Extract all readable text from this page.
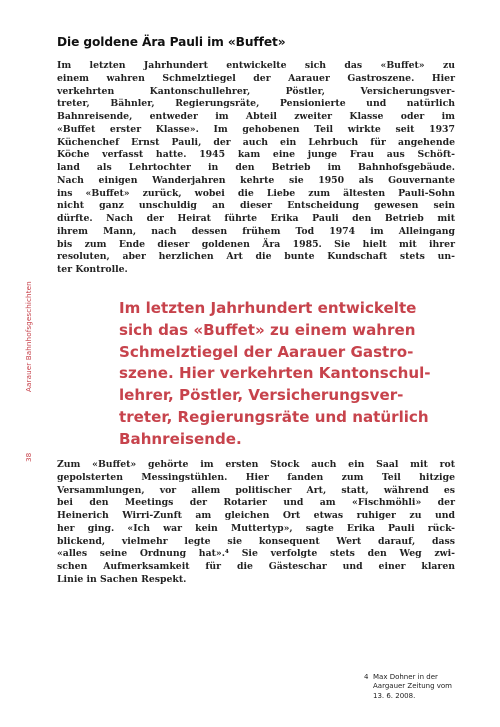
Die goldene Ära Pauli im «Buffet»
Im letzten Jahrhundert entwickelte sich das «Buffet» zu
einem wahren Schmelztiegel der Aarauer Gastroszene. Hier
verkehrten Kantonschullehrer, Pöstler, Versicherungsver-
treter, Bähnler, Regierungsräte, Pensionierte und natürlich
Bahnreisende, entweder im Abteil zweiter Klasse oder im
«Buffet erster Klasse». Im gehobenen Teil wirkte seit 1937
Küchenchef Ernst Pauli, der auch ein Lehrbuch für angehende
Köche verfasst hatte. 1945 kam eine junge Frau aus Schöft-
land als Lehrtochter in den Betrieb im Bahnhofsgebäude.
Nach einigen Wanderjahren kehrte sie 1950 als Gouvernante
ins «Buffet» zurück, wobei die Liebe zum ältesten Pauli-Sohn
nicht ganz unschuldig an dieser Entscheidung gewesen sein
dürfte. Nach der Heirat führte Erika Pauli den Betrieb mit
ihrem Mann, nach dessen frühem Tod 1974 im Alleingang
bis zum Ende dieser goldenen Ära 1985. Sie hielt mit ihrer
resoluten, aber herzlichen Art die bunte Kundschaft stets un-
ter Kontrolle.
Aarauer Bahnhofsgeschichten
38
Im letzten Jahrhundert entwickelte
sich das «Buffet» zu einem wahren
Schmelztiegel der Aarauer Gastro-
szene. Hier verkehrten Kantonschul-
lehrer, Pöstler, Versicherungsver-
treter, Regierungsräte und natürlich
Bahnreisende.
Zum «Buffet» gehörte im ersten Stock auch ein Saal mit rot
gepolsterten Messingstühlen. Hier fanden zum Teil hitzige
Versammlungen, vor allem politischer Art, statt, während es
bei den Meetings der Rotarier und am «Fischmöhli» der
Heinerich Wirri-Zunft am gleichen Ort etwas ruhiger zu und
her ging. «Ich war kein Muttertyp», sagte Erika Pauli rück-
blickend, vielmehr legte sie konsequent Wert darauf, dass
«alles seine Ordnung hat».⁴ Sie verfolgte stets den Weg zwi-
schen Aufmerksamkeit für die Gästeschar und einer klaren
Linie in Sachen Respekt.
4 Max Dohner in der
Aargauer Zeitung vom
13. 6. 2008.
